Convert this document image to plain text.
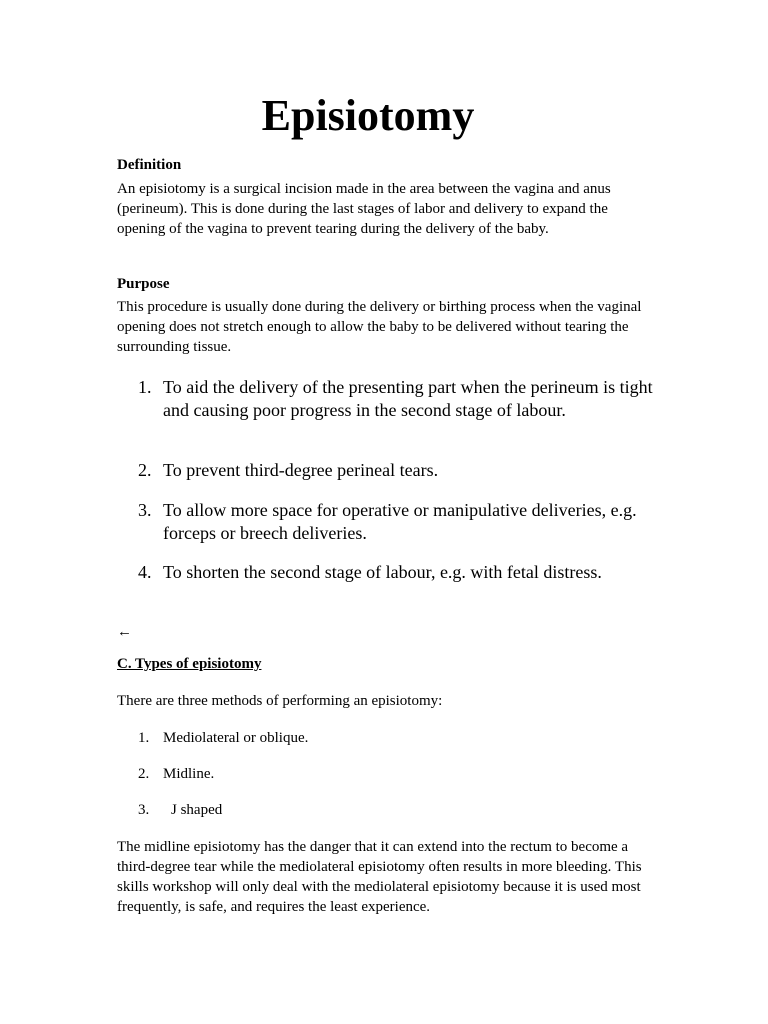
Episiotomy
Definition

An episiotomy is a surgical incision made in the area between the vagina and anus (perineum). This is done during the last stages of labor and delivery to expand the opening of the vagina to prevent tearing during the delivery of the baby.

Purpose

This procedure is usually done during the delivery or birthing process when the vaginal opening does not stretch enough to allow the baby to be delivered without tearing the surrounding tissue.

1. To aid the delivery of the presenting part when the perineum is tight and causing poor progress in the second stage of labour.
2. To prevent third-degree perineal tears.
3. To allow more space for operative or manipulative deliveries, e.g. forceps or breech deliveries.
4. To shorten the second stage of labour, e.g. with fetal distress.
←
C. Types of episiotomy

There are three methods of performing an episiotomy:

1. Mediolateral or oblique.
2. Midline.
3.	J shaped

The midline episiotomy has the danger that it can extend into the rectum to become a third-degree tear while the mediolateral episiotomy often results in more bleeding. This skills workshop will only deal with the mediolateral episiotomy because it is used most frequently, is safe, and requires the least experience.
